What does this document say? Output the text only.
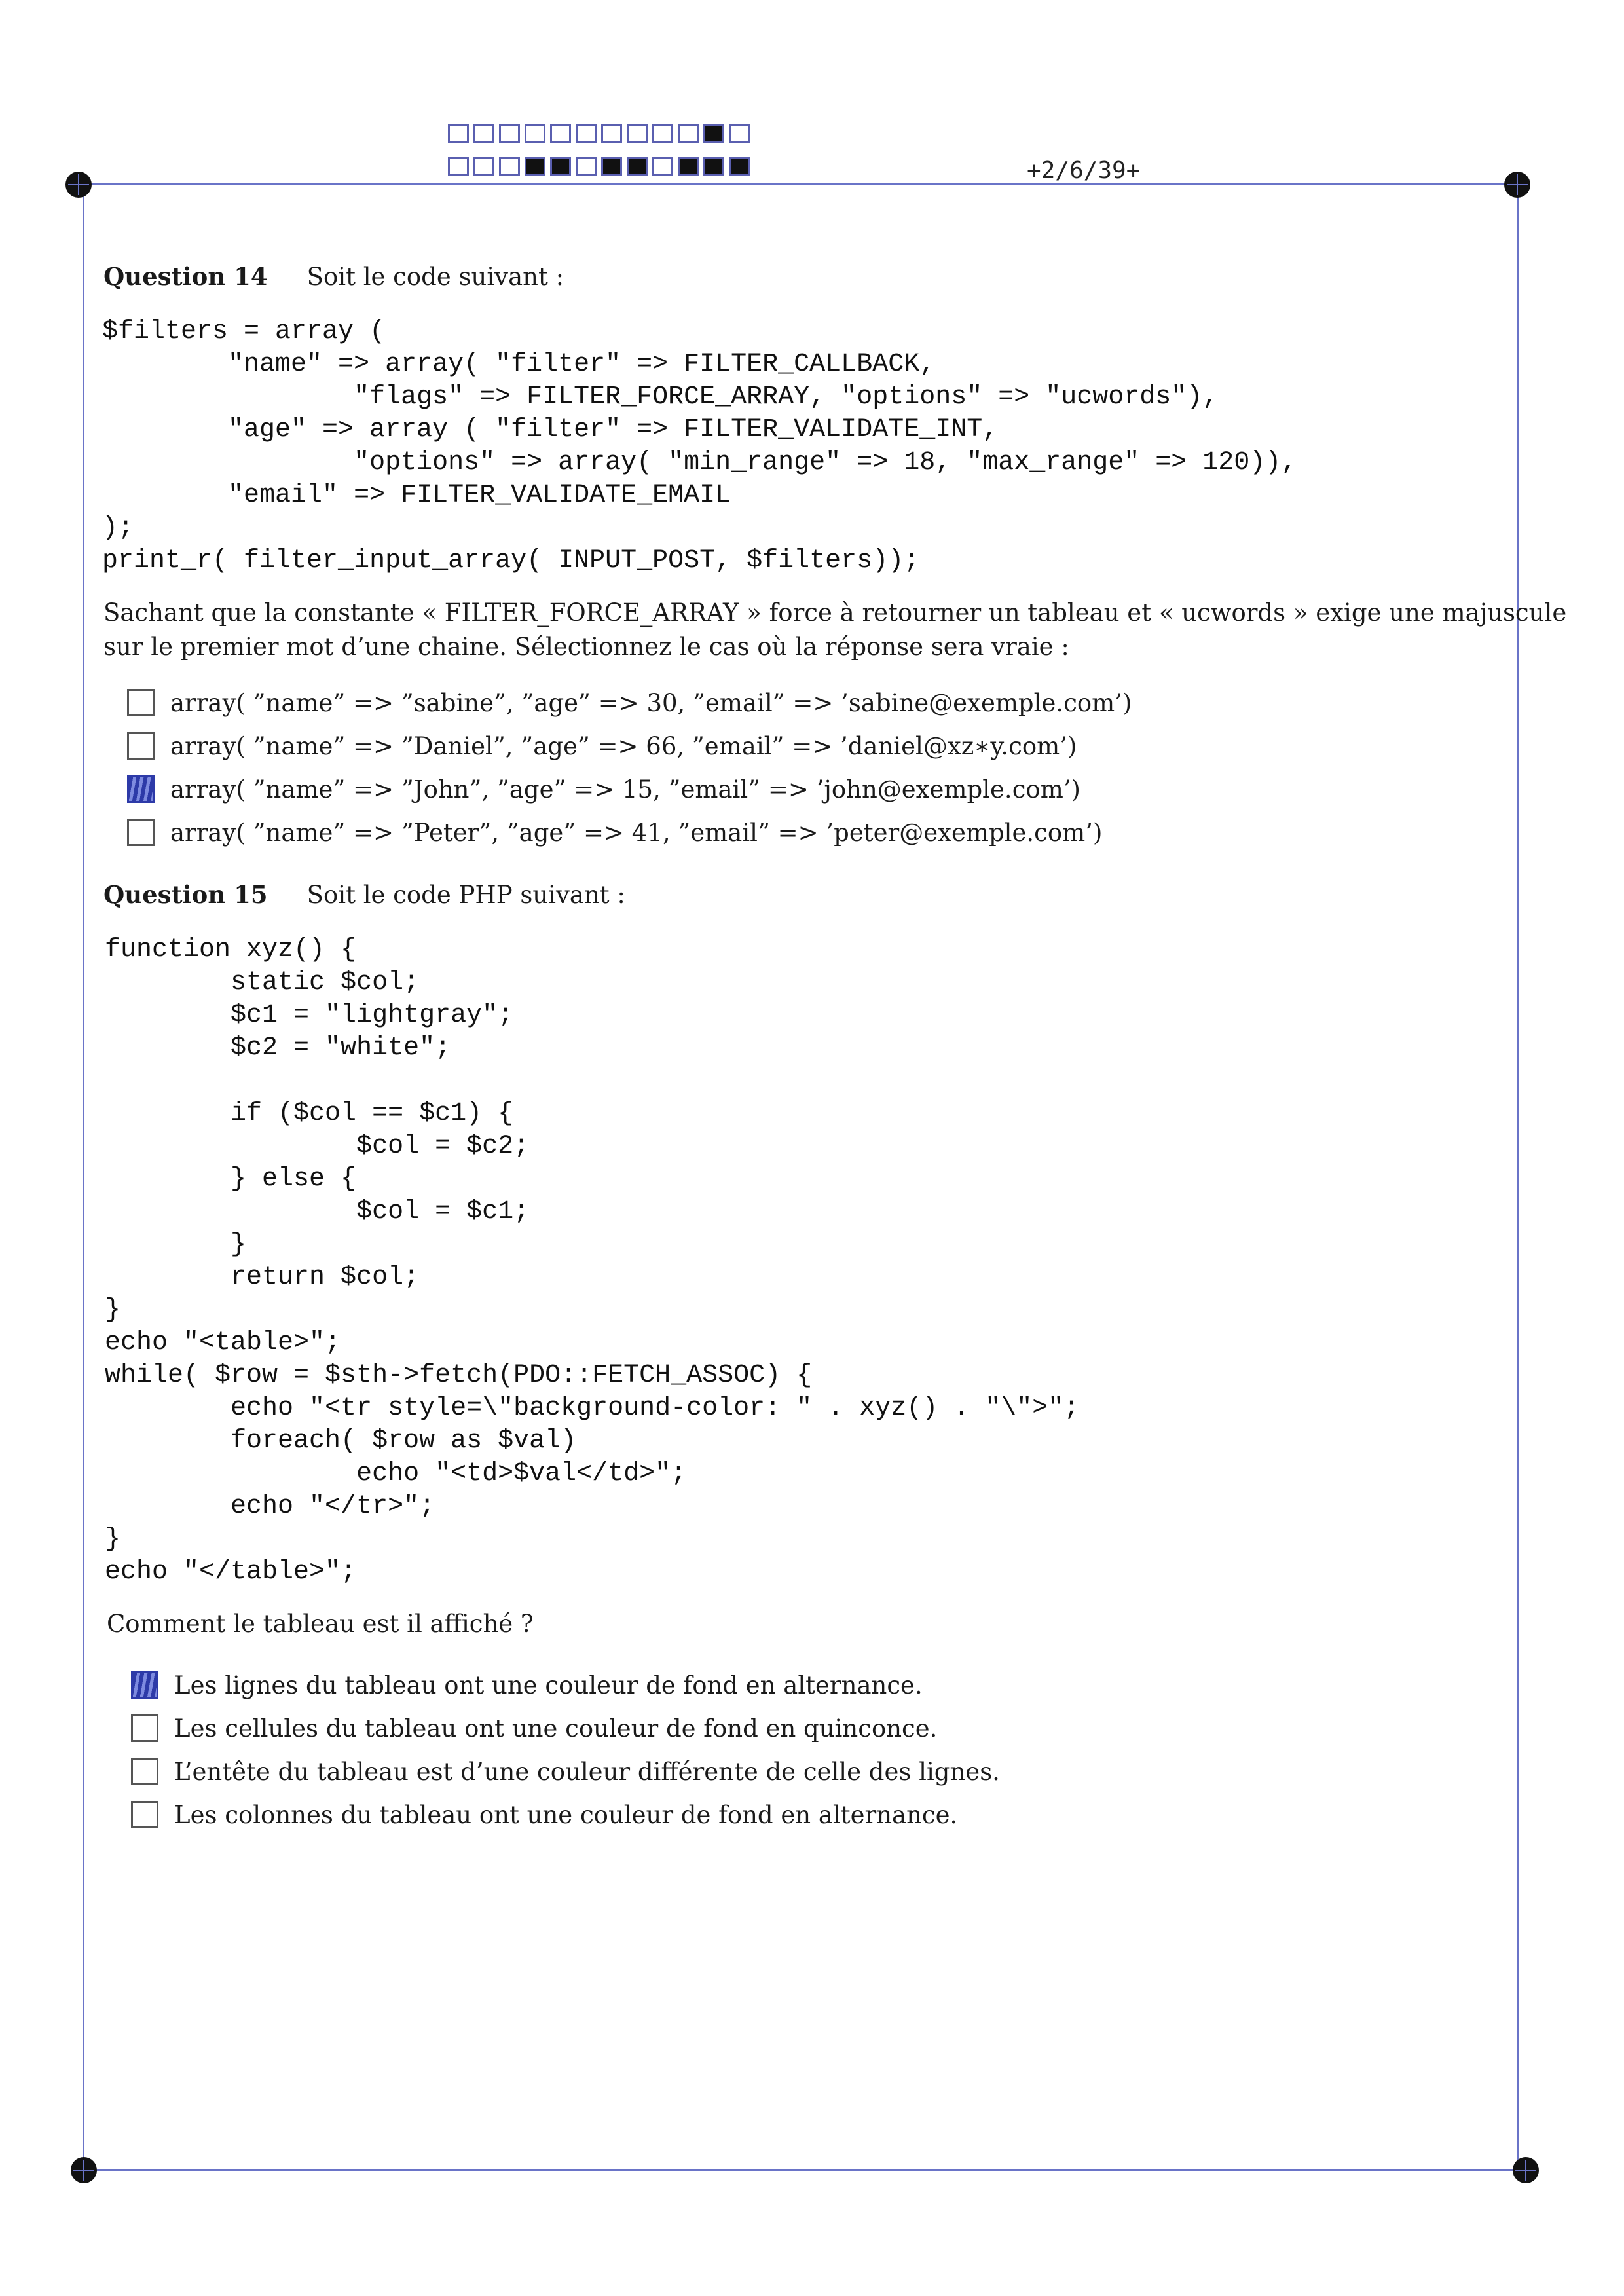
+2/6/39+
Question 14 Soit le code suivant :
$filters = array (
"name" => array( "filter" => FILTER_CALLBACK,
"flags" => FILTER_FORCE_ARRAY, "options" => "ucwords"),
"age" => array ( "filter" => FILTER_VALIDATE_INT,
"options" => array( "min_range" => 18, "max_range" => 120)),
"email" => FILTER_VALIDATE_EMAIL
);
print_r( filter_input_array( INPUT_POST, $filters));
Sachant que la constante « FILTER_FORCE_ARRAY » force à retourner un tableau et « ucwords » exige une majuscule sur le premier mot d’une chaine. Sélectionnez le cas où la réponse sera vraie :
array( ”name” => ”sabine”, ”age” => 30, ”email” => ’sabine@exemple.com’)
array( ”name” => ”Daniel”, ”age” => 66, ”email” => ’daniel@xz∗y.com’)
array( ”name” => ”John”, ”age” => 15, ”email” => ’john@exemple.com’)
array( ”name” => ”Peter”, ”age” => 41, ”email” => ’peter@exemple.com’)
Question 15 Soit le code PHP suivant :
function xyz() {
static $col;
$c1 = "lightgray";
$c2 = "white";

if ($col == $c1) {
$col = $c2;
} else {
$col = $c1;
}
return $col;
}
echo "<table>";
while( $row = $sth->fetch(PDO::FETCH_ASSOC) {
echo "<tr style=\"background-color: " . xyz() . "\">";
foreach( $row as $val)
echo "<td>$val</td>";
echo "</tr>";
}
echo "</table>";
Comment le tableau est il affiché ?
Les lignes du tableau ont une couleur de fond en alternance.
Les cellules du tableau ont une couleur de fond en quinconce.
L’entête du tableau est d’une couleur différente de celle des lignes.
Les colonnes du tableau ont une couleur de fond en alternance.
